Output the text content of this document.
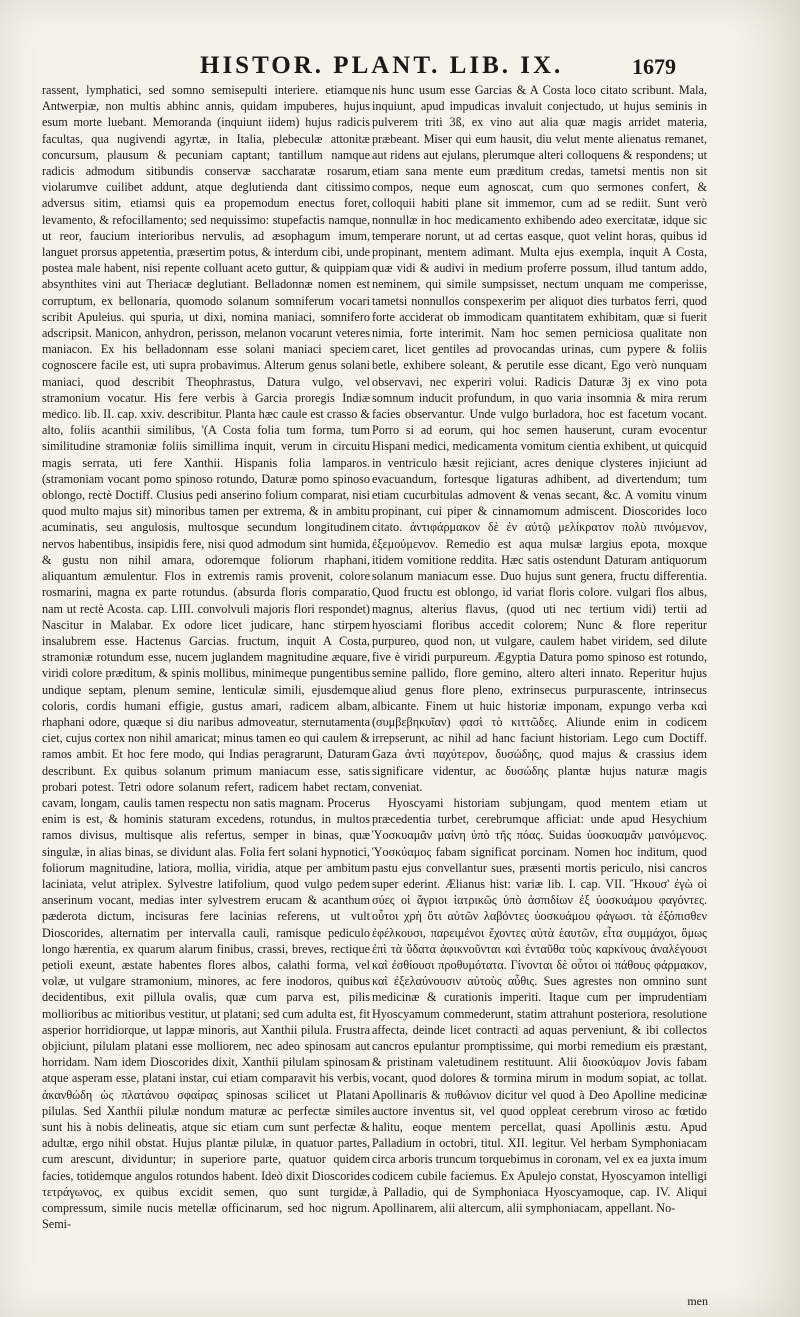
HISTOR. PLANT. LIB. IX.	1679

rassent, lymphatici, sed somno semisepulti interiere. etiamque Antwerpiæ, non multis abhinc annis, quidam impuberes, hujus esum morte luebant. Memoranda (inquiunt iidem) hujus radicis facultas, qua nugivendi agyrtæ, in Italia, plebeculæ attonitæ concursum, plausum & pecuniam captant; tantillum namque radicis admodum sitibundis conservæ saccharatæ rosarum, violarumve cuilibet addunt, atque deglutienda dant citissimo adversus sitim, etiamsi quis ea propemodum enectus foret, levamento, & refocillamento; sed nequissimo: stupefactis namque, ut reor, faucium interioribus nervulis, ad æsophagum imum, languet prorsus appetentia, præsertim potus, & interdum cibi, unde postea male habent, nisi repente colluant aceto guttur, & quippiam absynthites vini aut Theriacæ deglutiant. Belladonnæ nomen est corruptum, ex bellonaria, quomodo solanum somniferum vocari scribit Apuleius. qui spuria, ut dixi, nomina maniaci, somnifero adscripsit. Manicon, anhydron, perisson, melanon vocarunt veteres maniacon. Ex his belladonnam esse solani maniaci speciem cognoscere facile est, uti supra probavimus. Alterum genus solani maniaci, quod describit Theophrastus, Datura vulgo, vel stramonium vocatur. His fere verbis à Garcia proregis Indiæ medico. lib. II. cap. xxiv. describitur. Planta hæc caule est crasso & alto, foliis acanthii similibus, '(A Costa folia tum forma, tum similitudine stramoniæ foliis simillima inquit, verum in circuitu magis serrata, uti fere Xanthii. Hispanis folia lamparos. (stramoniam vocant pomo spinoso rotundo, Daturæ pomo spinoso oblongo, rectè Doctiff. Clusius pedi anserino folium comparat, nisi quod multo majus sit) minoribus tamen per extrema, & in ambitu acuminatis, seu angulosis, multosque secundum longitudinem nervos habentibus, insipidis fere, nisi quod admodum sint humida, & gustu non nihil amara, odoremque foliorum rhaphani, aliquantum æmulentur. Flos in extremis ramis provenit, colore rosmarini, magna ex parte rotundus. (absurda floris comparatio, nam ut rectè Acosta. cap. LIII. convolvuli majoris flori respondet) Nascitur in Malabar. Ex odore licet judicare, hanc stirpem insalubrem esse. Hactenus Garcias. fructum, inquit A Costa, stramoniæ rotundum esse, nucem juglandem magnitudine æquare, viridi colore præditum, & spinis mollibus, minimeque pungentibus undique septam, plenum semine, lenticulæ simili, ejusdemque coloris, cordis humani effigie, gustus amari, radicem albam, rhaphani odore, quæque si diu naribus admoveatur, sternutamenta ciet, cujus cortex non nihil amaricat; minus tamen eo qui caulem & ramos ambit. Et hoc fere modo, qui Indias peragrarunt, Daturam describunt. Ex quibus solanum primum maniacum esse, satis probari potest. Tetri odore solanum refert, radicem habet rectam, cavam, longam, caulis tamen respectu non satis magnam. Procerus enim is est, & hominis staturam excedens, rotundus, in multos ramos divisus, multisque alis refertus, semper in binas, quæ singulæ, in alias binas, se dividunt alas. Folia fert solani hypnotici, foliorum magnitudine, latiora, mollia, viridia, atque per ambitum laciniata, velut atriplex. Sylvestre latifolium, quod vulgo pedem anserinum vocant, medias inter sylvestrem erucam & acanthum pæderota dictum, incisuras fere lacinias referens, ut vult Dioscorides, alternatim per intervalla cauli, ramisque pediculo longo hærentia, ex quarum alarum finibus, crassi, breves, rectique petioli exeunt, æstate habentes flores albos, calathi forma, vel volæ, ut vulgare stramonium, minores, ac fere inodoros, quibus decidentibus, exit pillula ovalis, quæ cum parva est, pilis mollioribus ac mitioribus vestitur, ut platani; sed cum adulta est, fit asperior horridiorque, ut lappæ minoris, aut Xanthii pilula. Frustra objiciunt, pilulam platani esse molliorem, nec adeo spinosam aut horridam. Nam idem Dioscorides dixit, Xanthii pilulam spinosam atque asperam esse, platani instar, cui etiam comparavit his verbis, ἀκανθώδη ὡς πλατάνου σφαίρας spinosas scilicet ut Platani pilulas. Sed Xanthii pilulæ nondum maturæ ac perfectæ similes sunt his à nobis delineatis, atque sic etiam cum sunt perfectæ & adultæ, ergo nihil obstat. Hujus plantæ pilulæ, in quatuor partes, cum arescunt, dividuntur; in superiore parte, quatuor quidem facies, totidemque angulos rotundos habent. Ideò dixit Dioscorides τετράγωνος, ex quibus excidit semen, quo sunt turgidæ, compressum, simile nucis metellæ officinarum, sed hoc nigrum. Semi-

nis hunc usum esse Garcias & A Costa loco citato scribunt. Mala, inquiunt, apud impudicas invaluit conjectudo, ut hujus seminis in pulverem triti 3ß, ex vino aut alia quæ magis arridet materia, præbeant. Miser qui eum hausit, diu velut mente alienatus remanet, aut ridens aut ejulans, plerumque alteri colloquens & respondens; ut etiam sana mente eum præditum credas, tametsi mentis non sit compos, neque eum agnoscat, cum quo sermones confert, & colloquii habiti plane sit immemor, cum ad se rediit. Sunt verò nonnullæ in hoc medicamento exhibendo adeo exercitatæ, idque sic temperare norunt, ut ad certas easque, quot velint horas, quibus id propinant, mentem adimant. Multa ejus exempla, inquit A Costa, quæ vidi & audivi in medium proferre possum, illud tantum addo, neminem, qui simile sumpsisset, nectum unquam me comperisse, tametsi nonnullos conspexerim per aliquot dies turbatos ferri, quod forte acciderat ob immodicam quantitatem exhibitam, quæ si fuerit nimia, forte interimit. Nam hoc semen perniciosa qualitate non caret, licet gentiles ad provocandas urinas, cum pypere & foliis betle, exhibere soleant, & perutile esse dicant, Ego verò nunquam observavi, nec experiri volui. Radicis Daturæ 3j ex vino pota somnum inducit profundum, in quo varia insomnia & mira rerum facies observantur. Unde vulgo burladora, hoc est facetum vocant. Porro si ad eorum, qui hoc semen hauserunt, curam evocentur Hispani medici, medicamenta vomitum cientia exhibent, ut quicquid in ventriculo hæsit rejiciant, acres denique clysteres injiciunt ad evacuandum, fortesque ligaturas adhibent, ad divertendum; tum etiam cucurbitulas admovent & venas secant, &c. A vomitu vinum propinant, cui piper & cinnamomum admiscent. Dioscorides loco citato. ἀντιφάρμακον δὲ ἐν αὐτῷ μελίκρατον πολὺ πινόμενον, ἐξεμούμενον. Remedio est aqua mulsæ largius epota, moxque itidem vomitione reddita. Hæc satis ostendunt Daturam antiquorum solanum maniacum esse. Duo hujus sunt genera, fructu differentia. Quod fructu est oblongo, id variat floris colore. vulgari flos albus, magnus, alterius flavus, (quod uti nec tertium vidi) tertii ad hyosciami floribus accedit colorem; Nunc & flore reperitur purpureo, quod non, ut vulgare, caulem habet viridem, sed dilute five è viridi purpureum. Ægyptia Datura pomo spinoso est rotundo, semine pallido, flore gemino, altero alteri innato. Reperitur hujus aliud genus flore pleno, extrinsecus purpurascente, intrinsecus albicante. Finem ut huic historiæ imponam, expungo verba καὶ (συμβεβηκυῖαν) φασὶ τὸ κιττῶδες. Aliunde enim in codicem irrepserunt, ac nihil ad hanc faciunt historiam. Lego cum Doctiff. Gaza ἀντὶ παχύτερον, δυσώδης, quod majus & crassius idem significare videntur, ac δυσώδης plantæ hujus naturæ magis conveniat.

Hyoscyami historiam subjungam, quod mentem etiam ut præcedentia turbet, cerebrumque afficiat: unde apud Hesychium Ὑοσκυαμᾶν μαίνη ὑπὸ τῆς πόας. Suidas ὑοσκυαμᾶν μαινόμενος. Ὑοσκύαμος fabam significat porcinam. Nomen hoc inditum, quod pastu ejus convellantur sues, præsenti mortis periculo, nisi cancros super ederint. Ælianus hist: variæ lib. I. cap. VII. Ἤκουσ' ἐγὼ οἱ σύες οἱ ἄγριοι ἰατρικῶς ὑπὸ ἀσπιδίων ἐξ ὑοσκυάμου φαγόντες. οὗτοι χρὴ ὅτι αὐτῶν λαβόντες ὑοσκυάμου φάγωσι. τὰ ἐξόπισθεν ἐφέλκουσι, παρειμένοι ἔχοντες αὐτὰ ἑαυτῶν, εἶτα συμμάχοι, ὅμως ἐπὶ τὰ ὕδατα ἀφικνοῦνται καὶ ἐνταῦθα τοὺς καρκίνους ἀναλέγουσι καὶ ἐσθίουσι προθυμότατα. Γίνονται δὲ οὗτοι οἱ πάθους φάρμακον, καὶ ἐξελαύνουσιν αὐτοὺς αὖθις. Sues agrestes non omnino sunt medicinæ & curationis imperiti. Itaque cum per imprudentiam Hyoscyamum commederunt, statim attrahunt posteriora, resolutione affecta, deinde licet contracti ad aquas perveniunt, & ibi collectos cancros epulantur promptissime, qui morbi remedium eis præstant, & pristinam valetudinem restituunt. Alii διοσκύαμον Jovis fabam vocant, quod dolores & tormina mirum in modum sopiat, ac tollat. Apollinaris & πυθώνιον dicitur vel quod à Deo Apolline medicinæ auctore inventus sit, vel quod oppleat cerebrum viroso ac fœtido halitu, eoque mentem percellat, quasi Apollinis æstu. Apud Palladium in octobri, titul. XII. legitur. Vel herbam Symphoniacam circa arboris truncum torquebimus in coronam, vel ex ea juxta imum codicem cubile faciemus. Ex Apulejo constat, Hyoscyamon intelligi à Palladio, qui de Symphoniaca Hyoscyamoque, cap. IV. Aliqui Apollinarem, alii altercum, alii symphoniacam, appellant. No-

men
